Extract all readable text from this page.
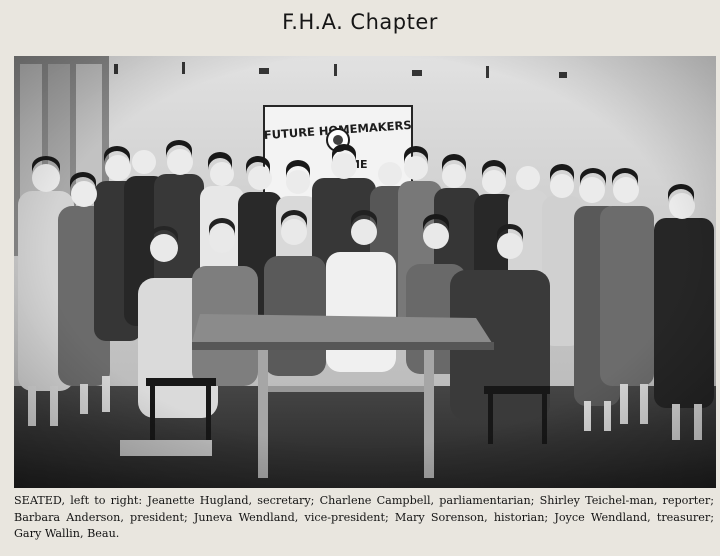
F.H.A. Chapter
SEATED, left to right: Jeanette Hugland, secretary; Charlene Campbell, parliamentarian; Shirley Teichel-man, reporter; Barbara Anderson, president; Juneva Wendland, vice-president; Mary Sorenson, historian; Joyce Wendland, treasurer; Gary Wallin, Beau.
